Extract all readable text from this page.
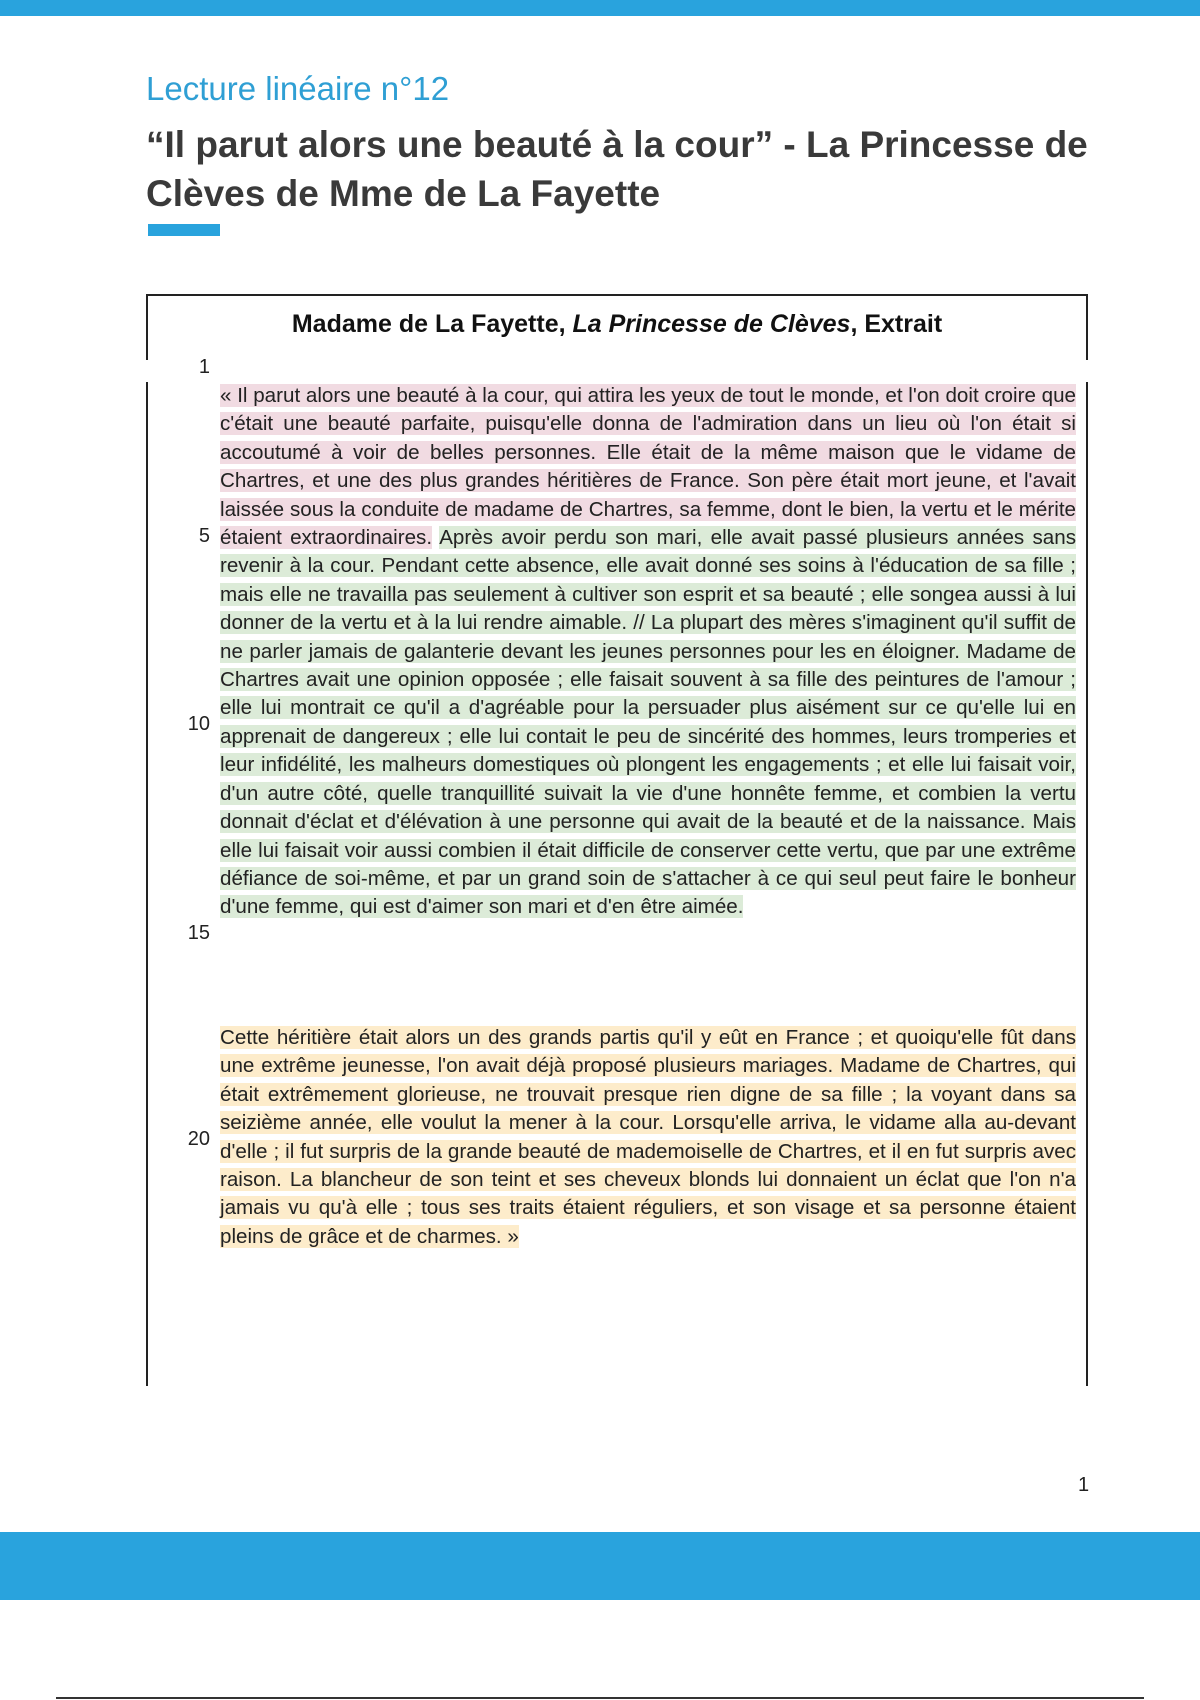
Lecture linéaire n°12
“Il parut alors une beauté à la cour” - La Princesse de Clèves de Mme de La Fayette
Madame de La Fayette, La Princesse de Clèves, Extrait
1
5
10
15
20

« Il parut alors une beauté à la cour, qui attira les yeux de tout le monde, et l'on doit croire que c'était une beauté parfaite, puisqu'elle donna de l'admiration dans un lieu où l'on était si accoutumé à voir de belles personnes. Elle était de la même maison que le vidame de Chartres, et une des plus grandes héritières de France. Son père était mort jeune, et l'avait laissée sous la conduite de madame de Chartres, sa femme, dont le bien, la vertu et le mérite étaient extraordinaires. Après avoir perdu son mari, elle avait passé plusieurs années sans revenir à la cour. Pendant cette absence, elle avait donné ses soins à l'éducation de sa fille ; mais elle ne travailla pas seulement à cultiver son esprit et sa beauté ; elle songea aussi à lui donner de la vertu et à la lui rendre aimable. // La plupart des mères s'imaginent qu'il suffit de ne parler jamais de galanterie devant les jeunes personnes pour les en éloigner. Madame de Chartres avait une opinion opposée ; elle faisait souvent à sa fille des peintures de l'amour ; elle lui montrait ce qu'il a d'agréable pour la persuader plus aisément sur ce qu'elle lui en apprenait de dangereux ; elle lui contait le peu de sincérité des hommes, leurs tromperies et leur infidélité, les malheurs domestiques où plongent les engagements ; et elle lui faisait voir, d'un autre côté, quelle tranquillité suivait la vie d'une honnête femme, et combien la vertu donnait d'éclat et d'élévation à une personne qui avait de la beauté et de la naissance. Mais elle lui faisait voir aussi combien il était difficile de conserver cette vertu, que par une extrême défiance de soi-même, et par un grand soin de s'attacher à ce qui seul peut faire le bonheur d'une femme, qui est d'aimer son mari et d'en être aimée.

Cette héritière était alors un des grands partis qu'il y eût en France ; et quoiqu'elle fût dans une extrême jeunesse, l'on avait déjà proposé plusieurs mariages. Madame de Chartres, qui était extrêmement glorieuse, ne trouvait presque rien digne de sa fille ; la voyant dans sa seizième année, elle voulut la mener à la cour. Lorsqu'elle arriva, le vidame alla au-devant d'elle ; il fut surpris de la grande beauté de mademoiselle de Chartres, et il en fut surpris avec raison. La blancheur de son teint et ses cheveux blonds lui donnaient un éclat que l'on n'a jamais vu qu'à elle ; tous ses traits étaient réguliers, et son visage et sa personne étaient pleins de grâce et de charmes. »

1
